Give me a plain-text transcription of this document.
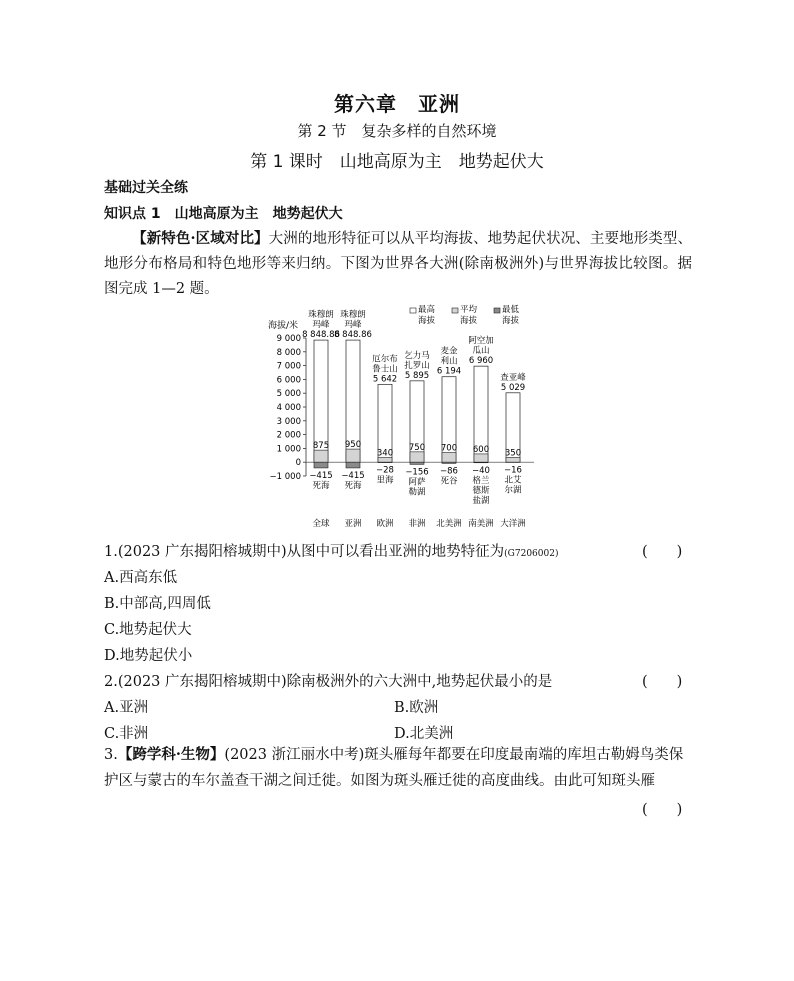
第六章　亚洲
第 2 节　复杂多样的自然环境
第 1 课时　山地高原为主　地势起伏大
基础过关全练
知识点 1　山地高原为主　地势起伏大
【新特色·区域对比】大洲的地形特征可以从平均海拔、地势起伏状况、主要地形类型、地形分布格局和特色地形等来归纳。下图为世界各大洲(除南极洲外)与世界海拔比较图。据图完成 1—2 题。
海拔/米
最高
海拔
平均
海拔
最低
海拔
9 000
8 000
7 000
6 000
5 000
4 000
3 000
2 000
1 000
0
−1 000
8 848.86
玛峰
珠穆朗
875
−415
死海
8 848.86
玛峰
珠穆朗
950
−415
死海
5 642
鲁士山
厄尔布
340
−28
里海
5 895
扎罗山
乞力马
750
−156
阿萨
勒湖
6 194
利山
麦金
700
−86
死谷
6 960
瓜山
阿空加
600
−40
格兰
德斯
盐湖
5 029
查亚峰
350
−16
北艾
尔湖
全球 亚洲 欧洲 非洲 北美洲 南美洲 大洋洲
1.(2023 广东揭阳榕城期中)从图中可以看出亚洲的地势特征为(G7206002)	(　　)
A.西高东低
B.中部高,四周低
C.地势起伏大
D.地势起伏小
2.(2023 广东揭阳榕城期中)除南极洲外的六大洲中,地势起伏最小的是	(　　)
A.亚洲	B.欧洲
C.非洲	D.北美洲
3.【跨学科·生物】(2023 浙江丽水中考)斑头雁每年都要在印度最南端的库坦古勒姆鸟类保护区与蒙古的车尔盖查干湖之间迁徙。如图为斑头雁迁徙的高度曲线。由此可知斑头雁
(　　)
